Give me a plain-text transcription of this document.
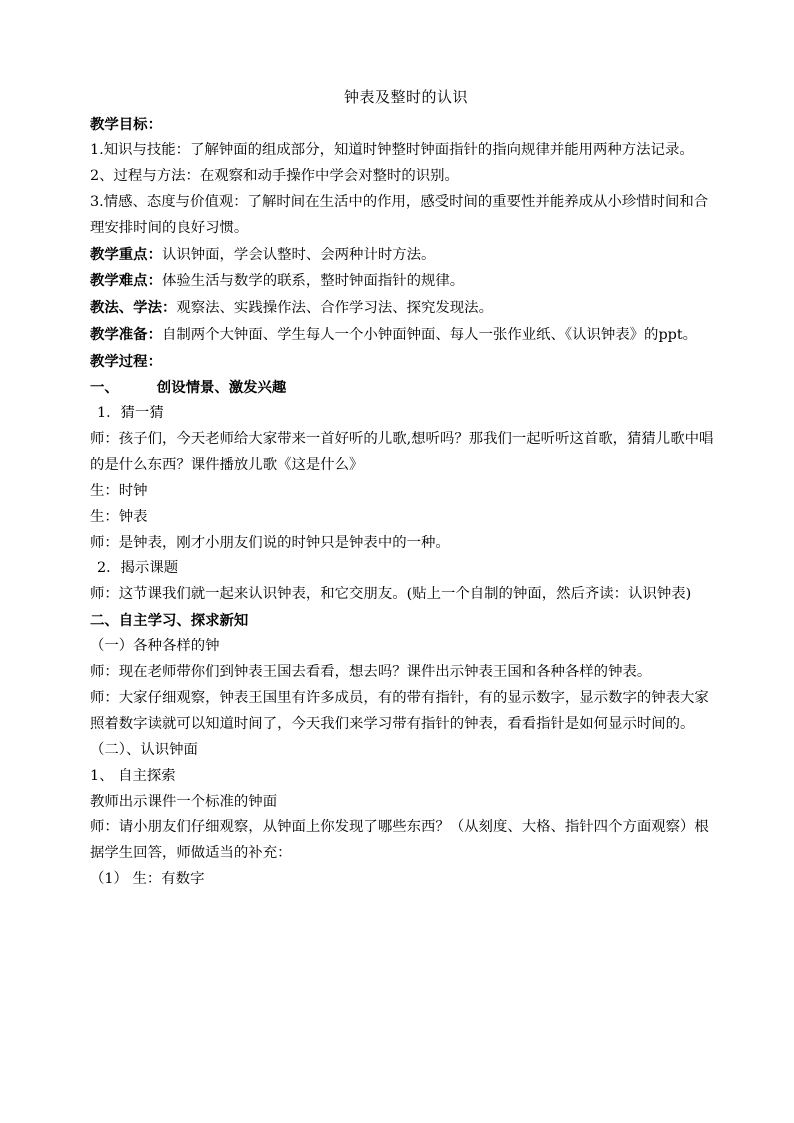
钟表及整时的认识

教学目标：

1.知识与技能：了解钟面的组成部分，知道时钟整时钟面指针的指向规律并能用两种方法记录。

2、过程与方法：在观察和动手操作中学会对整时的识别。

3.情感、态度与价值观：了解时间在生活中的作用，感受时间的重要性并能养成从小珍惜时间和合理安排时间的良好习惯。

教学重点：认识钟面，学会认整时、会两种计时方法。

教学难点：体验生活与数学的联系，整时钟面指针的规律。

教法、学法：观察法、实践操作法、合作学习法、探究发现法。

教学准备：自制两个大钟面、学生每人一个小钟面钟面、每人一张作业纸、《认识钟表》的ppt。

教学过程：

一、	创设情景、激发兴趣

1．猜一猜

师：孩子们，今天老师给大家带来一首好听的儿歌,想听吗？那我们一起听听这首歌，猜猜儿歌中唱的是什么东西？课件播放儿歌《这是什么》

生：时钟

生：钟表

师：是钟表，刚才小朋友们说的时钟只是钟表中的一种。

2．揭示课题

师：这节课我们就一起来认识钟表，和它交朋友。(贴上一个自制的钟面，然后齐读：认识钟表)

二、自主学习、探求新知

（一）各种各样的钟

师：现在老师带你们到钟表王国去看看，想去吗？课件出示钟表王国和各种各样的钟表。

师：大家仔细观察，钟表王国里有许多成员，有的带有指针，有的显示数字，显示数字的钟表大家照着数字读就可以知道时间了，今天我们来学习带有指针的钟表，看看指针是如何显示时间的。

（二）、认识钟面

1、 自主探索

教师出示课件一个标准的钟面

师：请小朋友们仔细观察，从钟面上你发现了哪些东西？（从刻度、大格、指针四个方面观察）根据学生回答，师做适当的补充：

（1） 生：有数字
